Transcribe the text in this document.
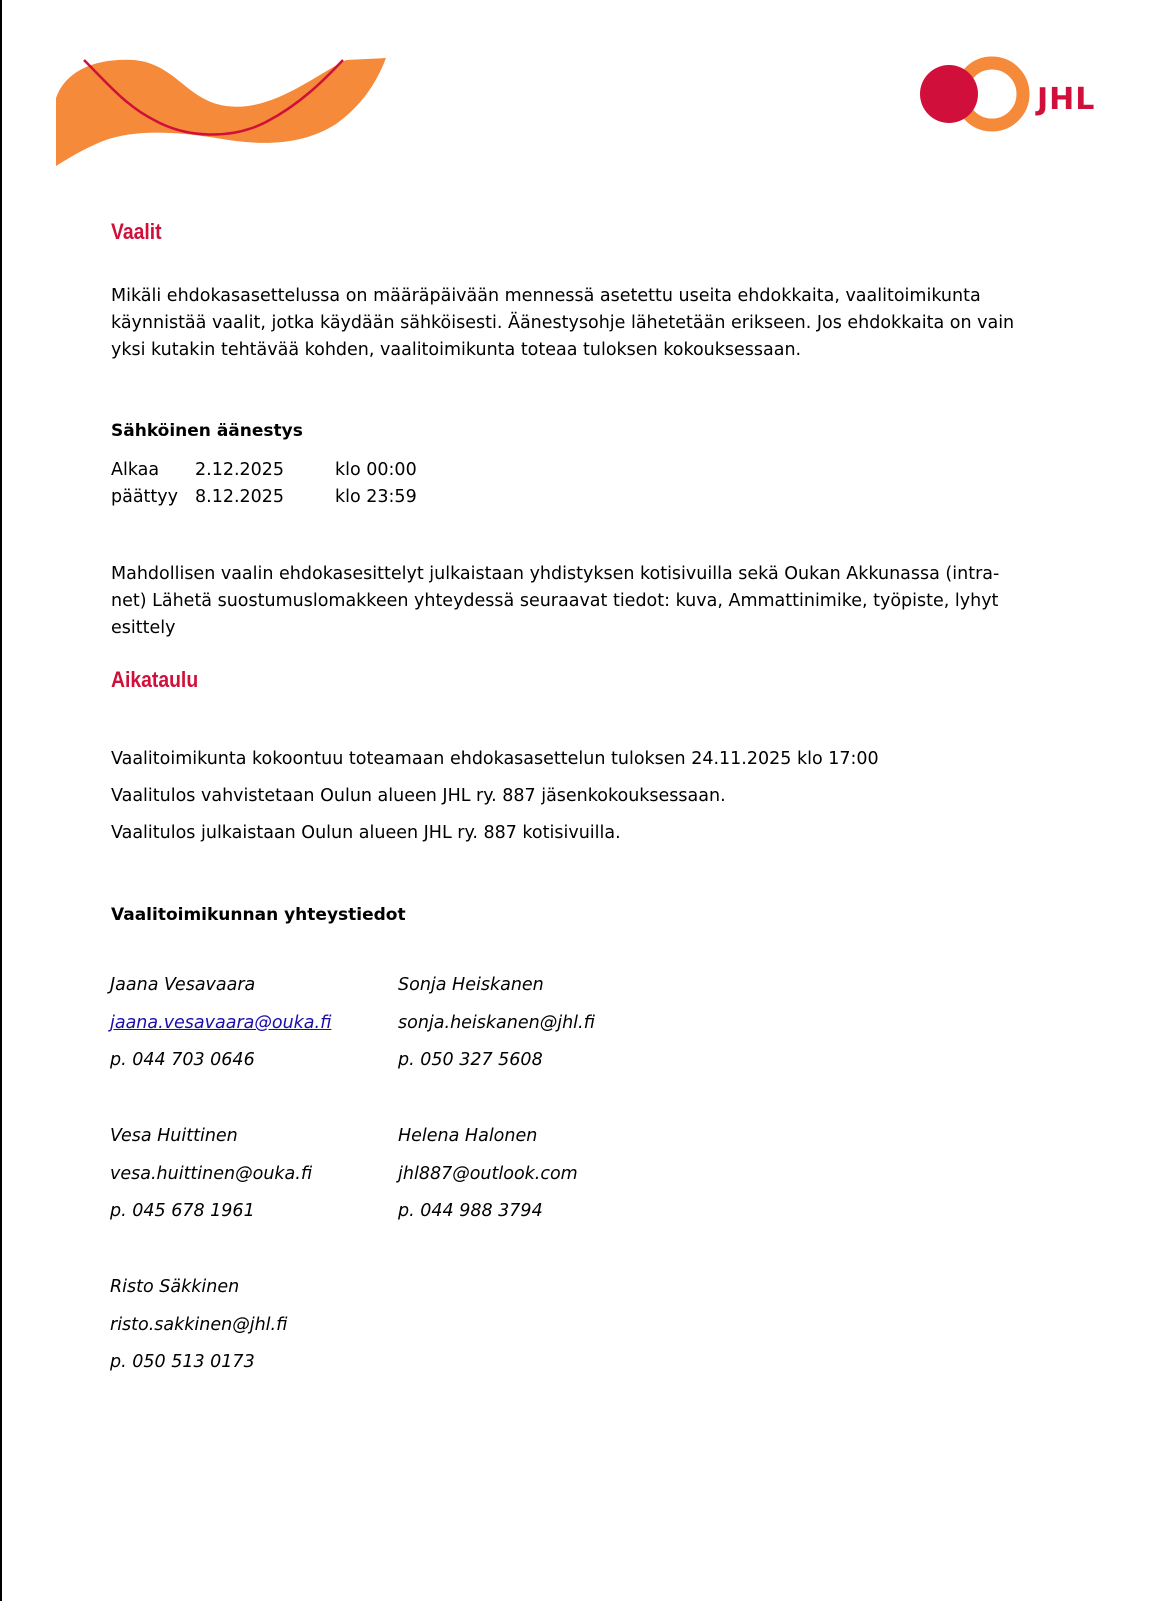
JHL
Vaalit
Mikäli ehdokasasettelussa on määräpäivään mennessä asetettu useita ehdokkaita, vaalitoimikunta
käynnistää vaalit, jotka käydään sähköisesti. Äänestysohje lähetetään erikseen. Jos ehdokkaita on vain
yksi kutakin tehtävää kohden, vaalitoimikunta toteaa tuloksen kokouksessaan.
Sähköinen äänestys
Alkaa	2.12.2025	klo 00:00
päättyy	8.12.2025	klo 23:59
Mahdollisen vaalin ehdokasesittelyt julkaistaan yhdistyksen kotisivuilla sekä Oukan Akkunassa (intra-
net) Lähetä suostumuslomakkeen yhteydessä seuraavat tiedot: kuva, Ammattinimike, työpiste, lyhyt
esittely
Aikataulu
Vaalitoimikunta kokoontuu toteamaan ehdokasasettelun tuloksen 24.11.2025 klo 17:00
Vaalitulos vahvistetaan Oulun alueen JHL ry. 887 jäsenkokouksessaan.
Vaalitulos julkaistaan Oulun alueen JHL ry. 887 kotisivuilla.
Vaalitoimikunnan yhteystiedot
Jaana Vesavaara
jaana.vesavaara@ouka.fi
p. 044 703 0646
Sonja Heiskanen
sonja.heiskanen@jhl.fi
p. 050 327 5608
Vesa Huittinen
vesa.huittinen@ouka.fi
p. 045 678 1961
Helena Halonen
jhl887@outlook.com
p. 044 988 3794
Risto Säkkinen
risto.sakkinen@jhl.fi
p. 050 513 0173
